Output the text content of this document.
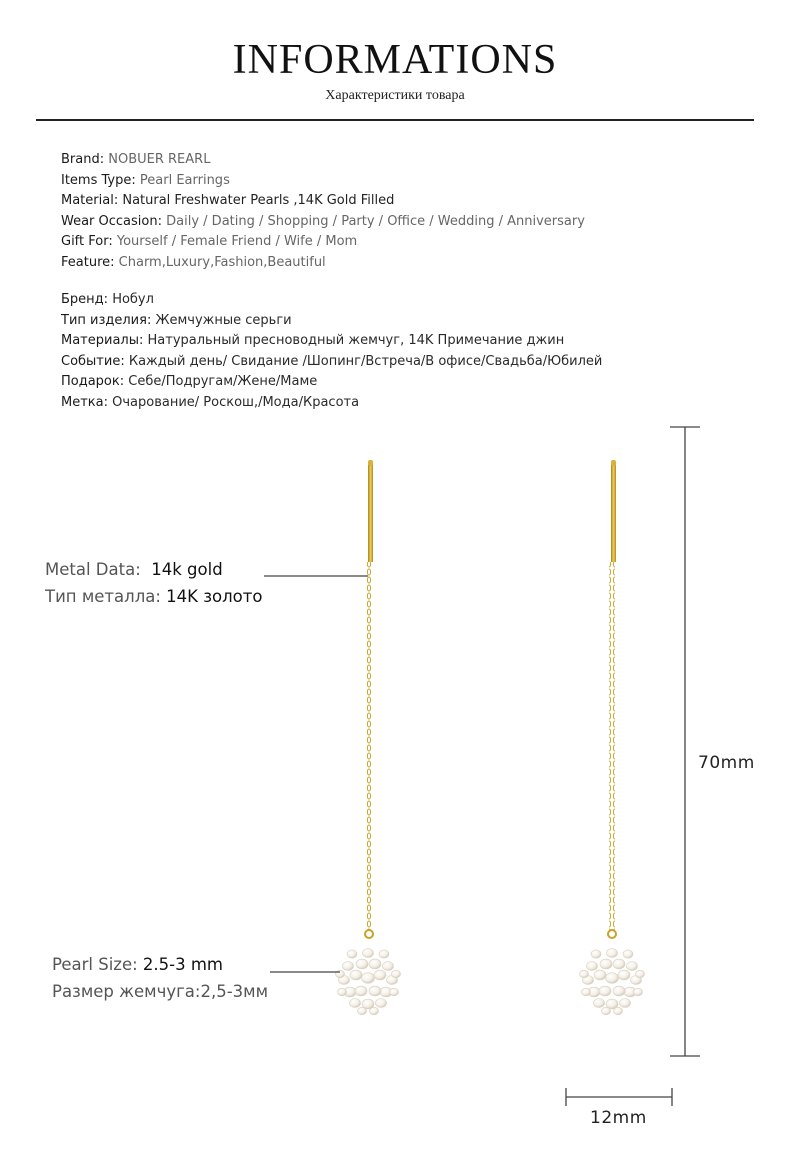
INFORMATIONS
Характеристики товара
Brand: NOBUER REARL
Items Type: Pearl Earrings
Material: Natural Freshwater Pearls ,14K Gold Filled
Wear Occasion: Daily / Dating / Shopping / Party / Office / Wedding / Anniversary
Gift For: Yourself / Female Friend / Wife / Mom
Feature: Charm,Luxury,Fashion,Beautiful
Бренд: Нобул
Тип изделия: Жемчужные серьги
Материалы: Натуральный пресноводный жемчуг, 14K Примечание джин
Событие: Каждый день/ Свидание /Шопинг/Встреча/В офисе/Свадьба/Юбилей
Подарок: Себе/Подругам/Жене/Маме
Метка: Очарование/ Роскош,/Мода/Красота
Metal Data: 14k gold
Тип металла: 14K золото
Pearl Size: 2.5-3 mm
Размер жемчуга:2,5-3мм
70mm
12mm
